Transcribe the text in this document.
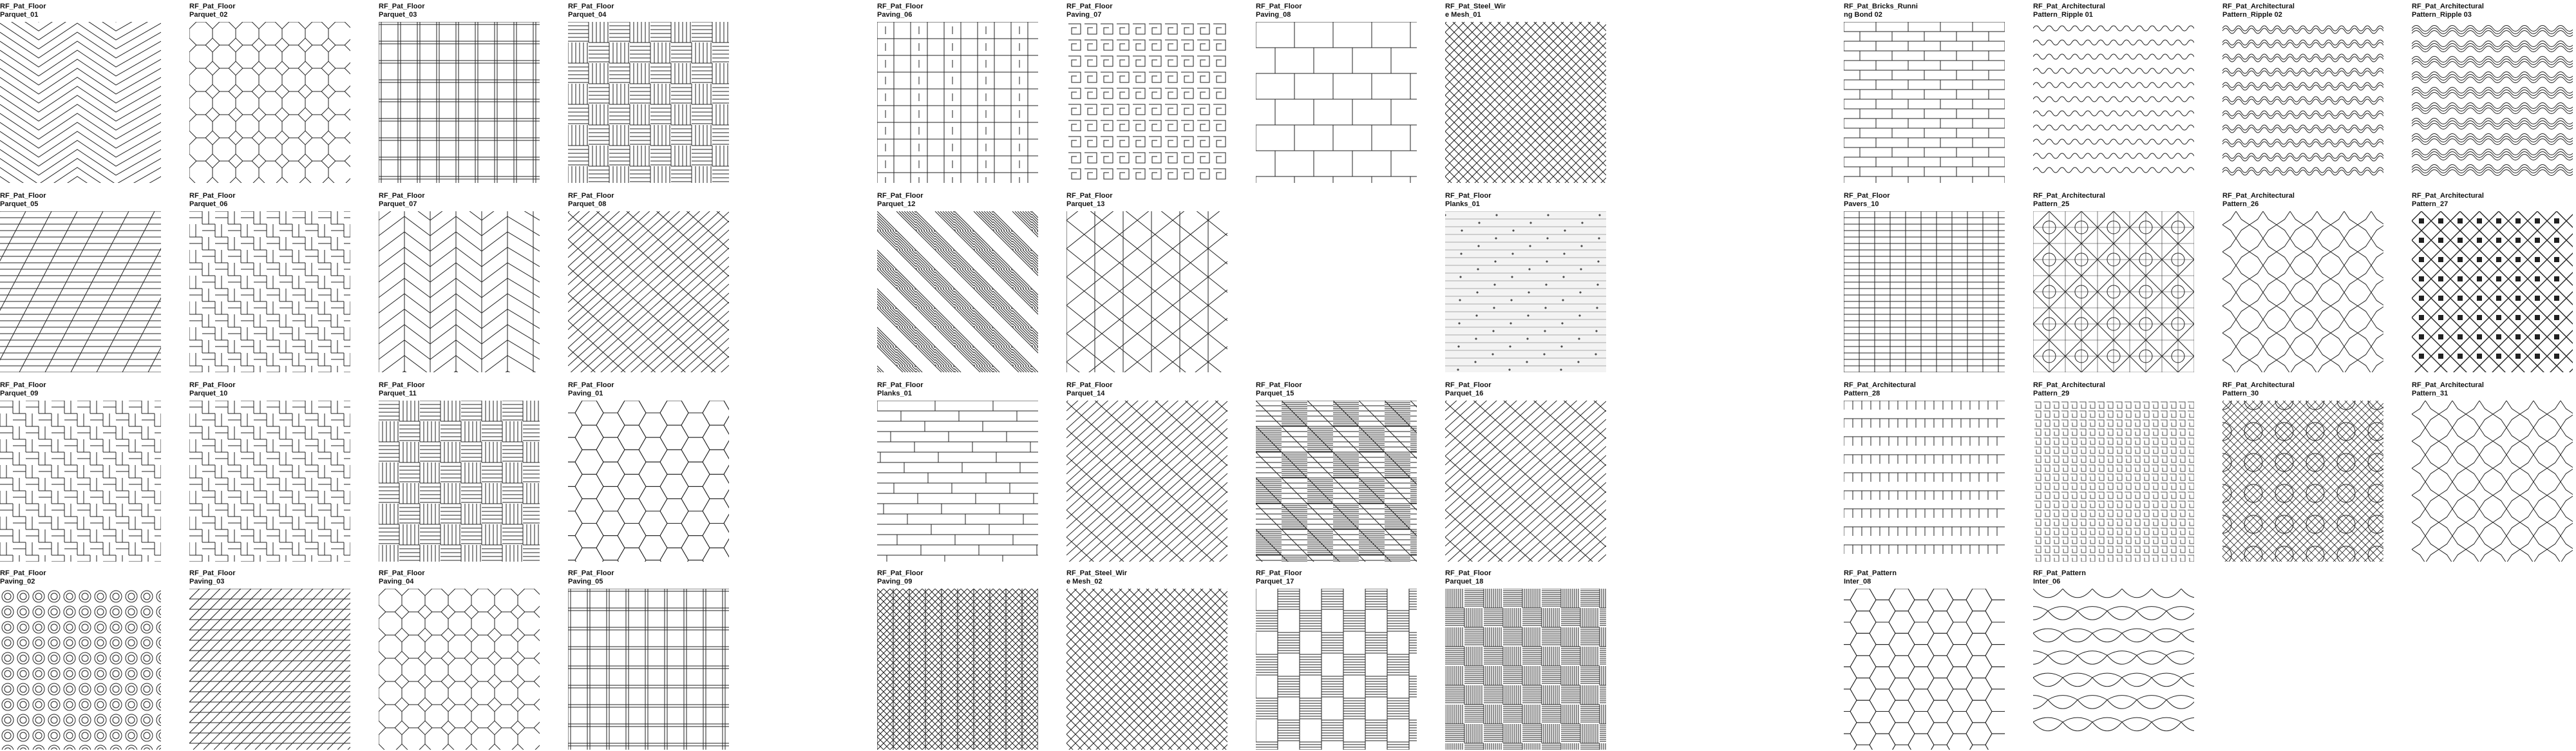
RF_Pat_Floor
Parquet_01
RF_Pat_Floor
Parquet_02
RF_Pat_Floor
Parquet_03
RF_Pat_Floor
Parquet_04
RF_Pat_Floor
Parquet_05
RF_Pat_Floor
Parquet_06
RF_Pat_Floor
Parquet_07
RF_Pat_Floor
Parquet_08
RF_Pat_Floor
Parquet_09
RF_Pat_Floor
Parquet_10
RF_Pat_Floor
Parquet_11
RF_Pat_Floor
Paving_01
RF_Pat_Floor
Paving_02
RF_Pat_Floor
Paving_03
RF_Pat_Floor
Paving_04
RF_Pat_Floor
Paving_05
RF_Pat_Floor
Paving_06
RF_Pat_Floor
Paving_07
RF_Pat_Floor
Paving_08
RF_Pat_Steel_Wir
e Mesh_01
RF_Pat_Floor
Parquet_12
RF_Pat_Floor
Parquet_13
RF_Pat_Floor
Planks_01
RF_Pat_Floor
Planks_01
RF_Pat_Floor
Parquet_14
RF_Pat_Floor
Parquet_15
RF_Pat_Floor
Parquet_16
RF_Pat_Floor
Paving_09
RF_Pat_Steel_Wir
e Mesh_02
RF_Pat_Floor
Parquet_17
RF_Pat_Floor
Parquet_18
RF_Pat_Bricks_Runni
ng Bond 02
RF_Pat_Architectural
Pattern_Ripple 01
RF_Pat_Architectural
Pattern_Ripple 02
RF_Pat_Architectural
Pattern_Ripple 03
RF_Pat_Floor
Pavers_10
RF_Pat_Architectural
Pattern_25
RF_Pat_Architectural
Pattern_26
RF_Pat_Architectural
Pattern_27
RF_Pat_Architectural
Pattern_28
RF_Pat_Architectural
Pattern_29
RF_Pat_Architectural
Pattern_30
RF_Pat_Architectural
Pattern_31
RF_Pat_Pattern
Inter_08
RF_Pat_Pattern
Inter_06
